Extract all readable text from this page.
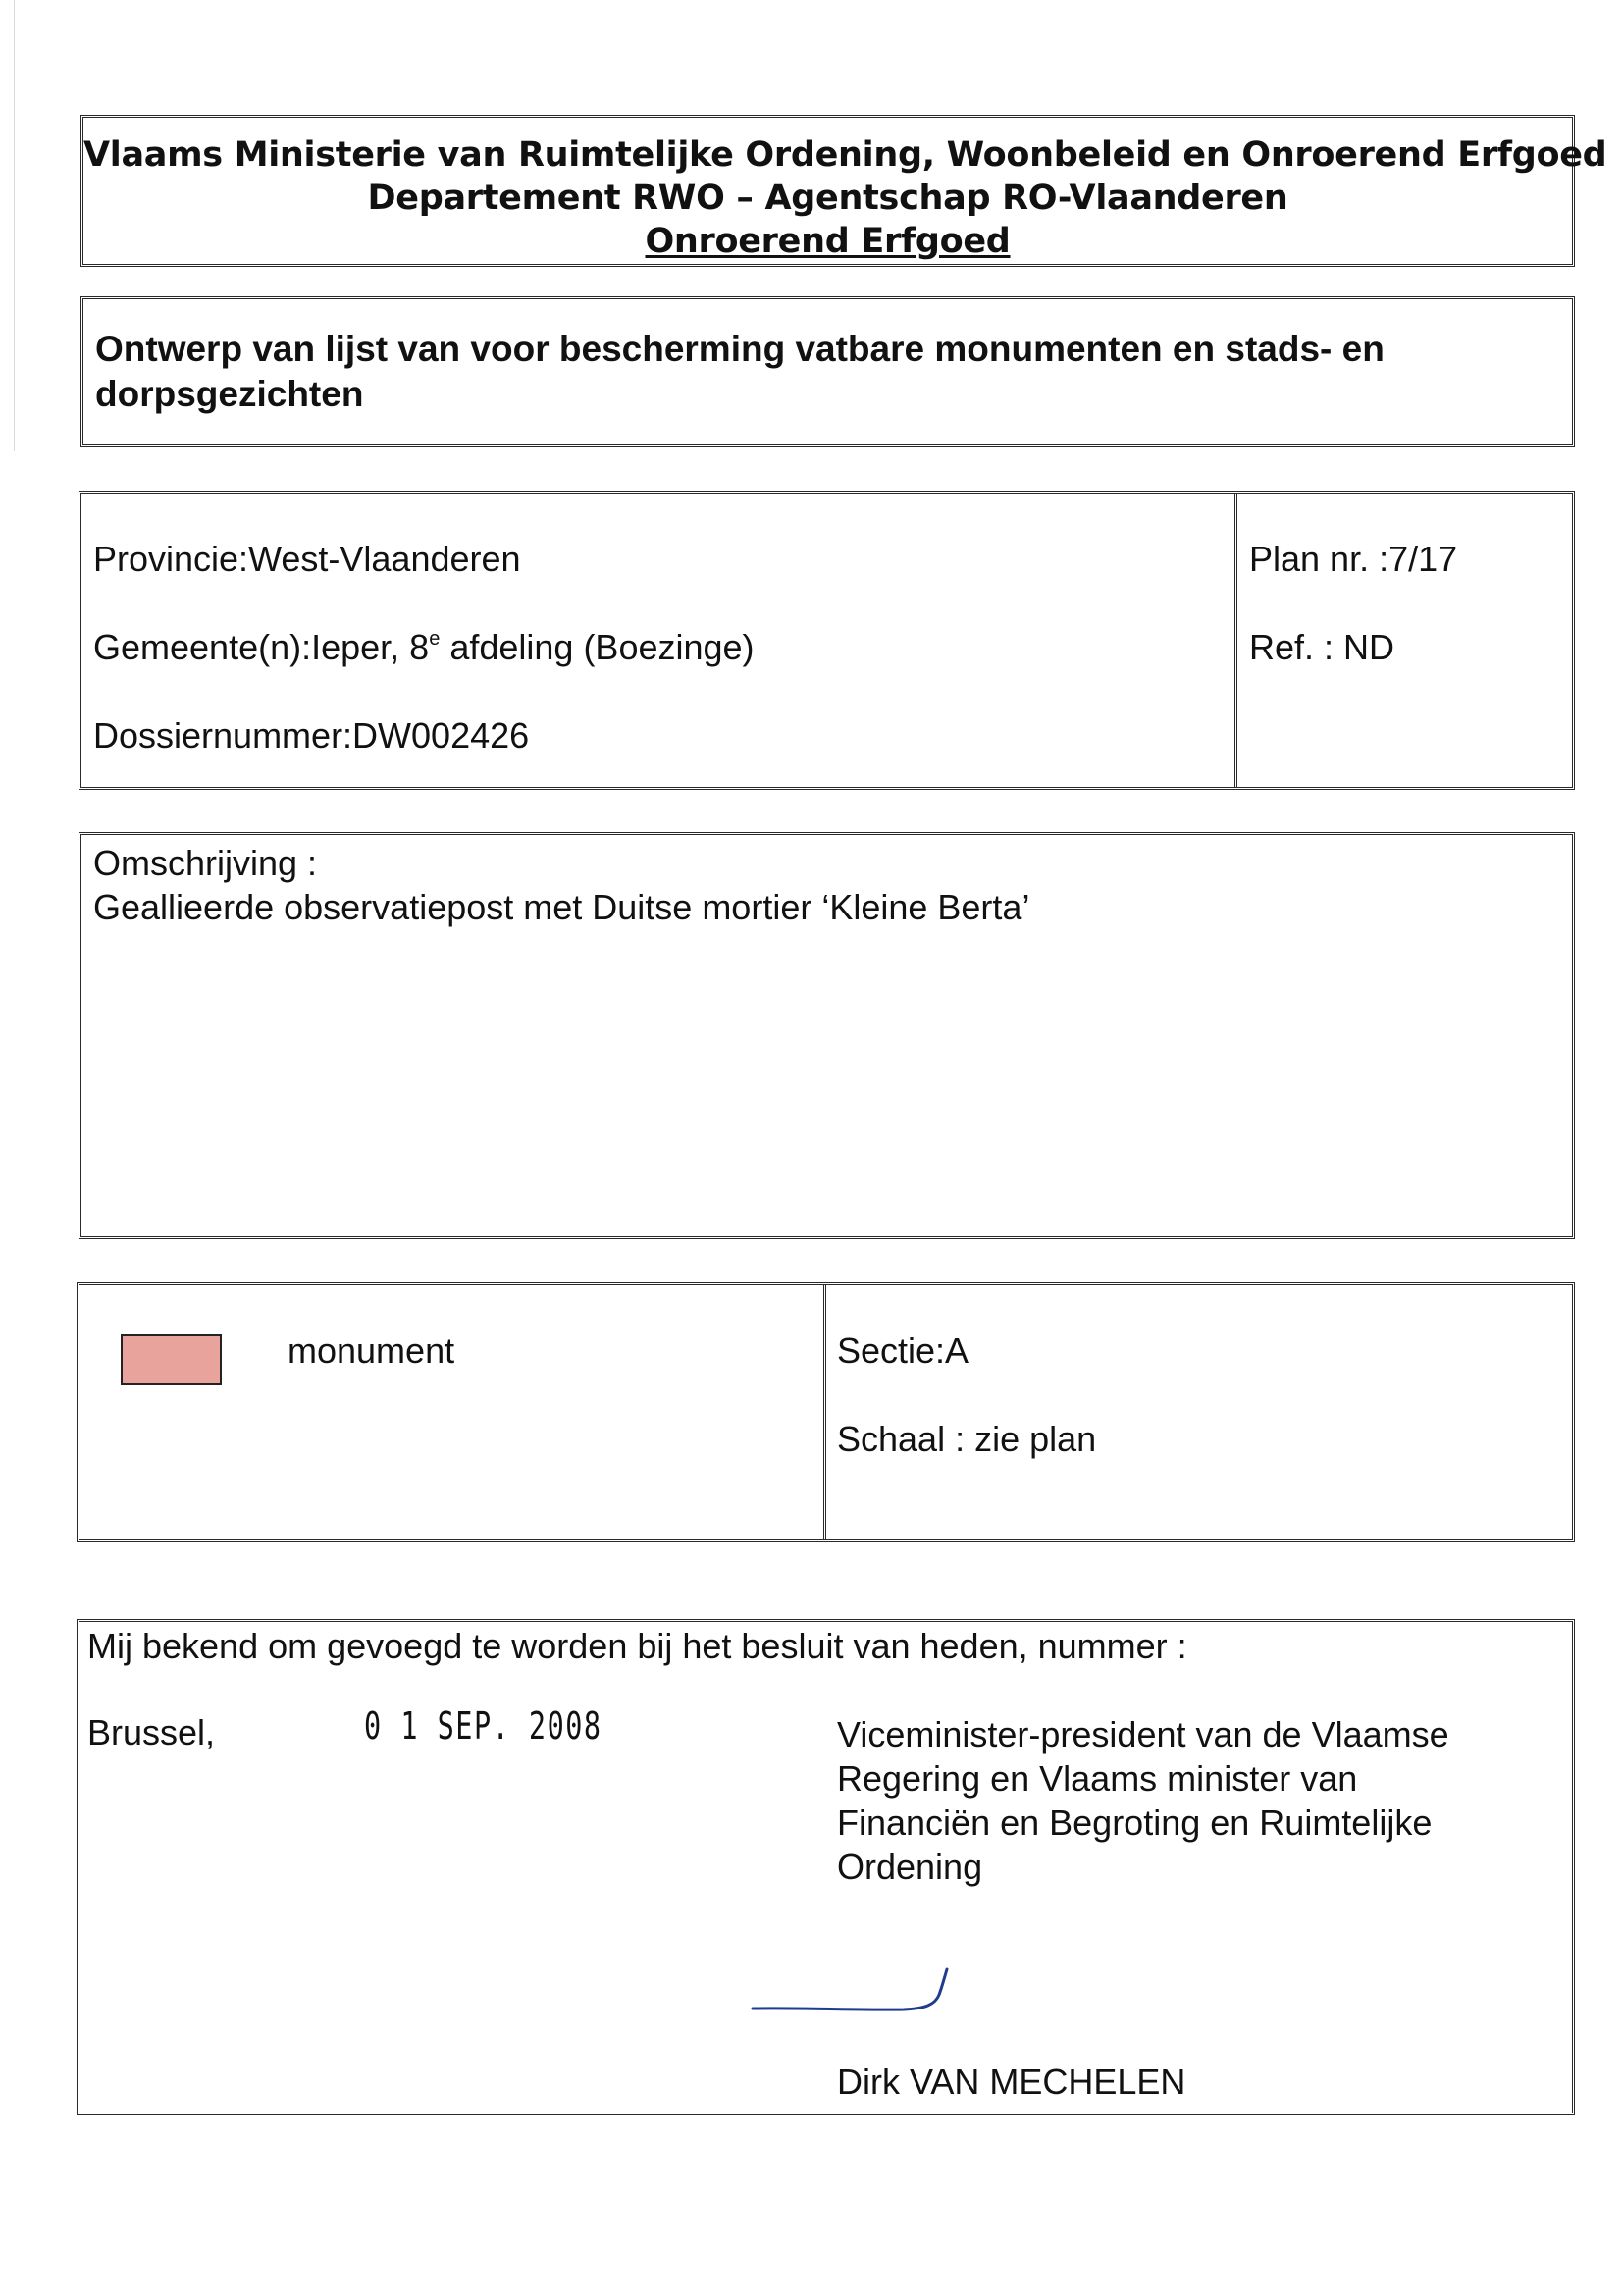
Vlaams Ministerie van Ruimtelijke Ordening, Woonbeleid en Onroerend Erfgoed
Departement RWO – Agentschap RO-Vlaanderen
Onroerend Erfgoed
Ontwerp van lijst van voor bescherming vatbare monumenten en stads- en dorpsgezichten
Provincie:West-Vlaanderen
Gemeente(n):Ieper, 8e afdeling (Boezinge)
Dossiernummer:DW002426
Plan nr. :7/17
Ref. : ND
Omschrijving :
Geallieerde observatiepost met Duitse mortier ‘Kleine Berta’
monument	Sectie:A
Schaal : zie plan
Mij bekend om gevoegd te worden bij het besluit van heden, nummer :
Brussel,	0 1 SEP. 2008	Viceminister-president van de Vlaamse
Regering en Vlaams minister van
Financiën en Begroting en Ruimtelijke
Ordening
Dirk VAN MECHELEN
